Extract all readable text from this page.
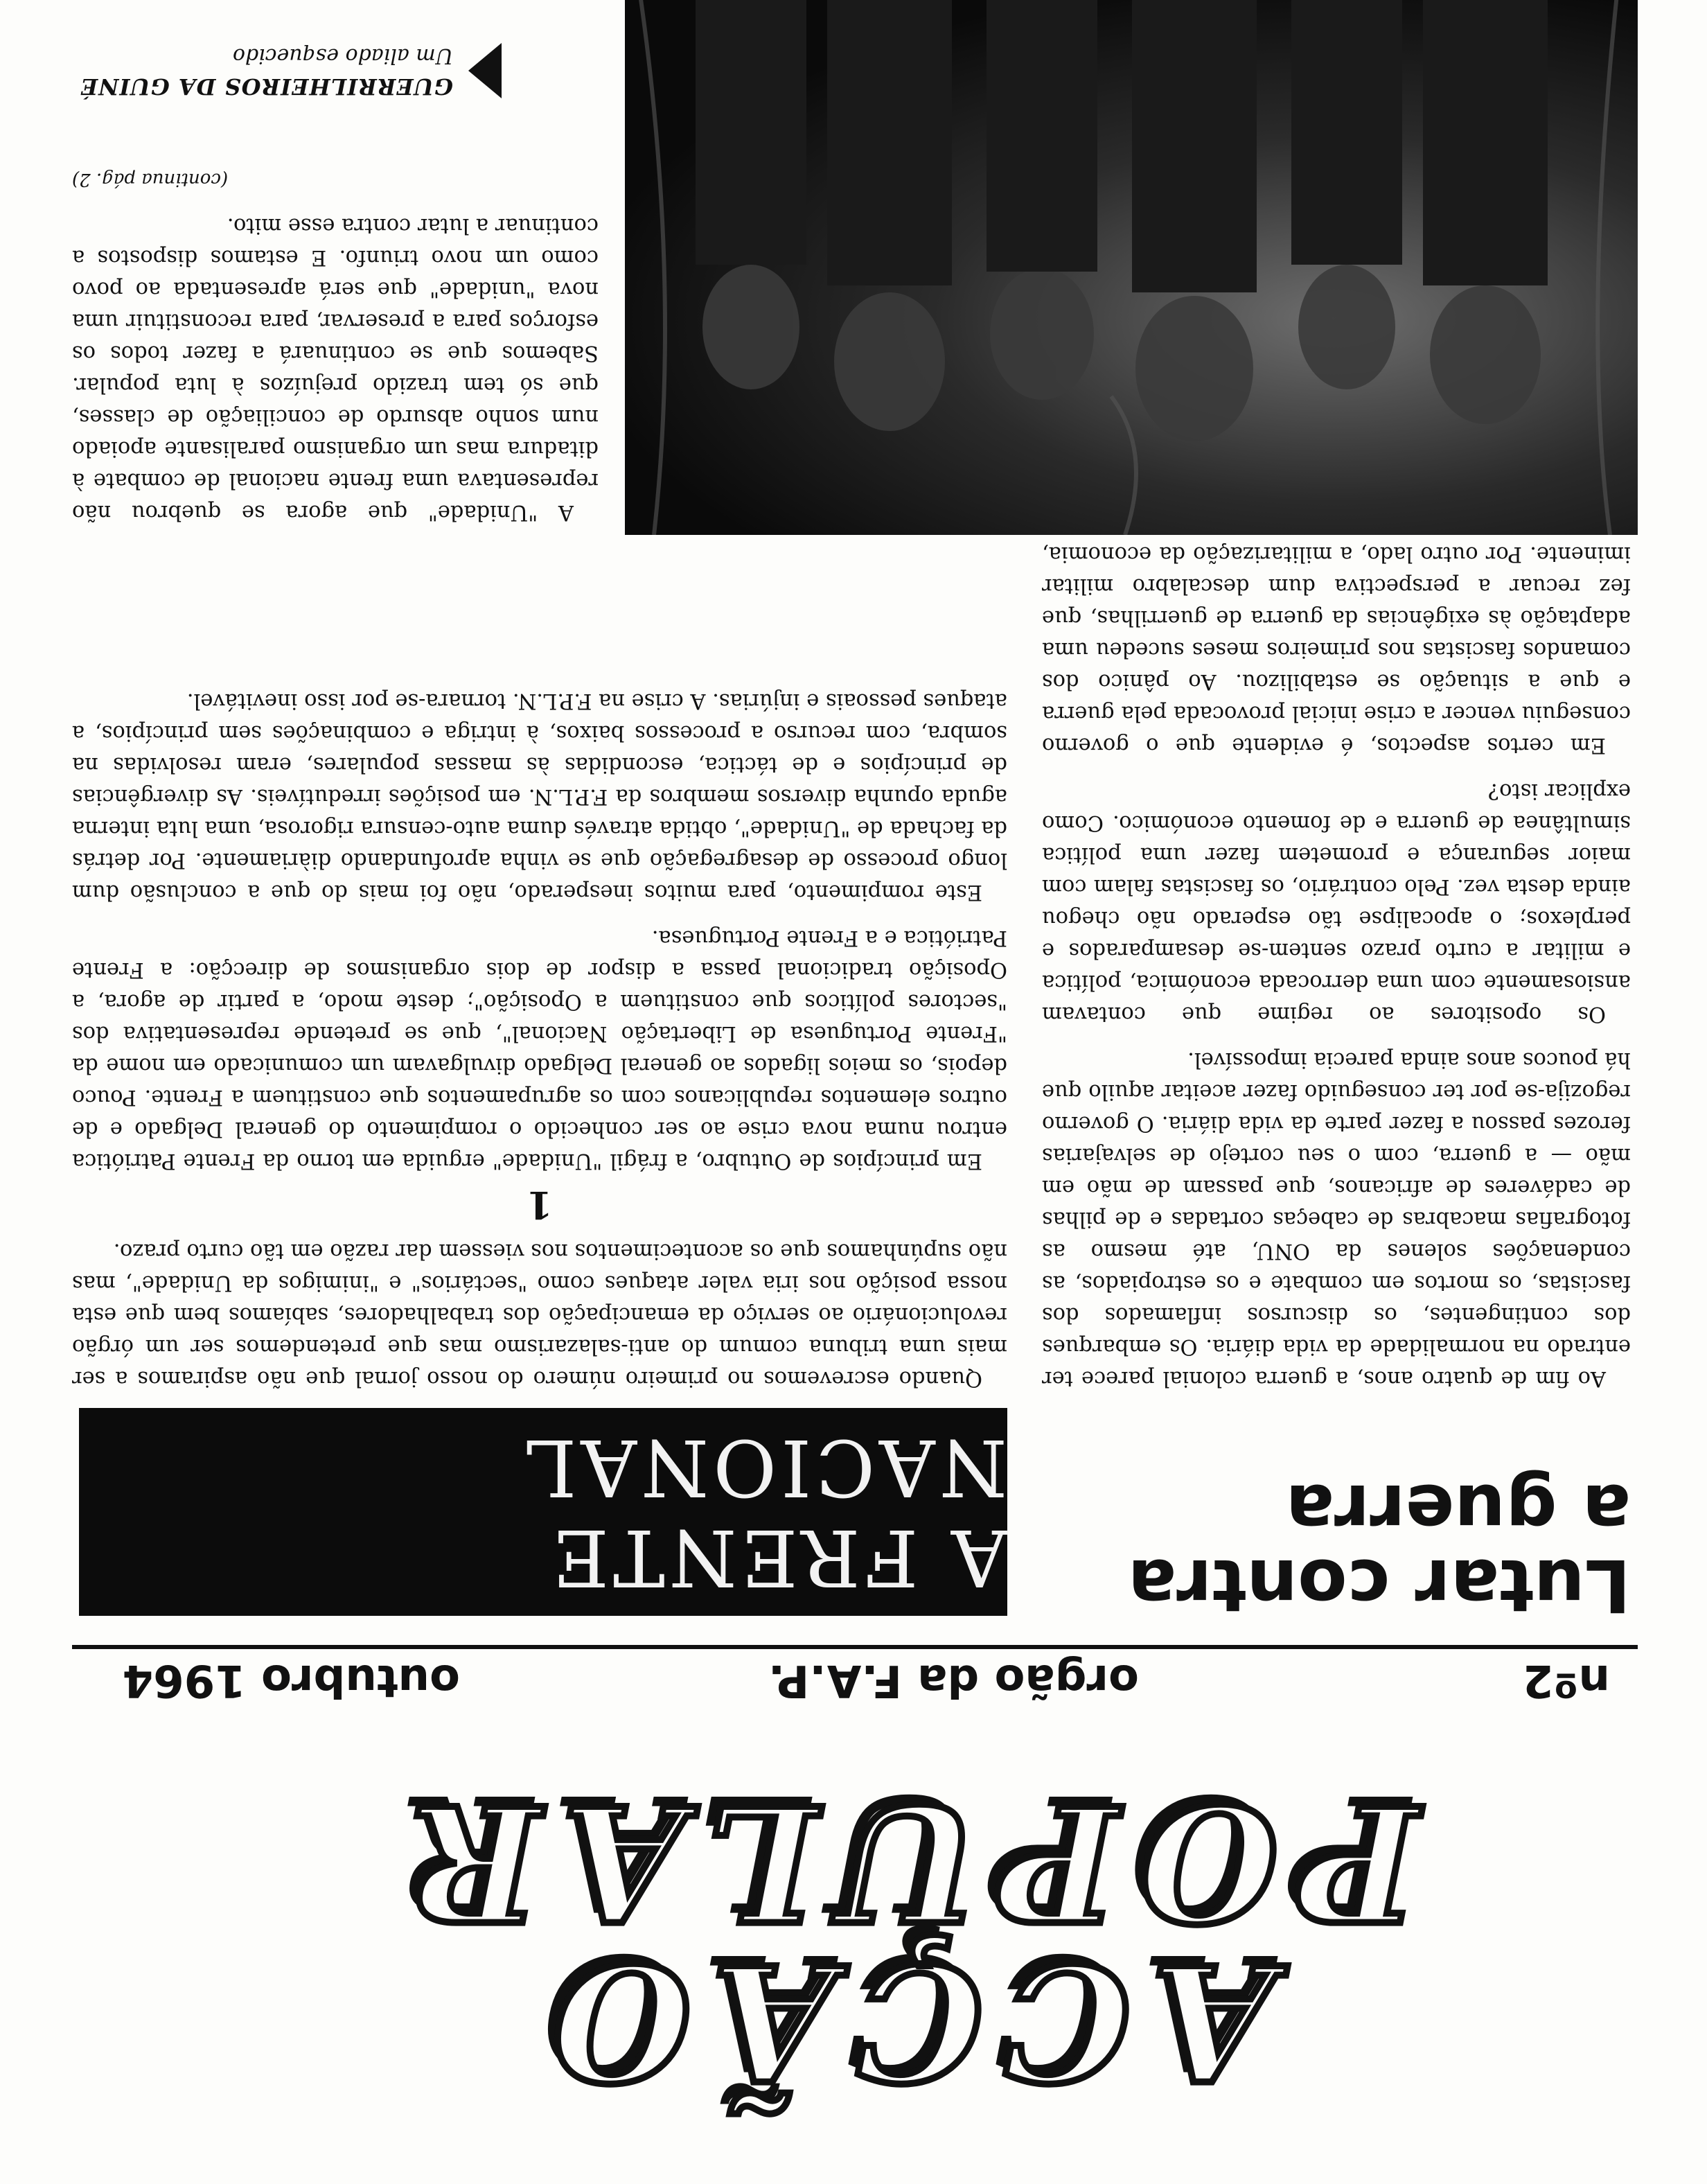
ACÇÃO
POPULAR
nº2
orgão da F.A.P.
outubro 1964
Lutar contra
a guerra
A FRENTE NACIONAL

Ao fim de quatro anos, a guerra colonial parece ter entrado na normalidade da vida diária. Os embarques dos contingentes, os discursos inflamados dos fascistas, os mortos em combate e os estropiados, as condenações solenes da ONU, até mesmo as fotografias macabras de cabeças cortadas e de pilhas de cadáveres de africanos, que passam de mão em mão — a guerra, com o seu cortejo de selvajarias ferozes passou a fazer parte da vida diária. O governo regozija-se por ter conseguido fazer aceitar aquilo que há poucos anos ainda parecia impossível.

Os opositores ao regime que contavam ansiosamente com uma derrocada económica, política e militar a curto prazo sentem-se desamparados e perplexos; o apocalipse tão esperado não chegou ainda desta vez. Pelo contrário, os fascistas falam com maior segurança e prometem fazer uma política simultânea de guerra e de fomento económico. Como explicar isto?

Em certos aspectos, é evidente que o governo conseguiu vencer a crise inicial provocada pela guerra e que a situação se estabilizou. Ao pânico dos comandos fascistas nos primeiros meses sucedeu uma adaptação às exigências da guerra de guerrilhas, que fez recuar a perspectiva dum descalabro militar iminente. Por outro lado, a militarização da economia,

Quando escrevemos no primeiro número do nosso jornal que não aspiramos a ser mais uma tribuna comum do anti-salazarismo mas que pretendemos ser um órgão revolucionário ao serviço da emancipação dos trabalhadores, sabíamos bem que esta nossa posição nos iria valer ataques como "sectários" e "inimigos da Unidade", mas não supúnhamos que os acontecimentos nos viessem dar razão em tão curto prazo.

1

Em princípios de Outubro, a frágil "Unidade" erguida em torno da Frente Patriótica entrou numa nova crise ao ser conhecido o rompimento do general Delgado e de outros elementos republicanos com os agrupamentos que constituem a Frente. Pouco depois, os meios ligados ao general Delgado divulgavam um comunicado em nome da "Frente Portuguesa de Libertação Nacional", que se pretende representativa dos "sectores políticos que constituem a Oposição"; deste modo, a partir de agora, a Oposição tradicional passa a dispor de dois organismos de direcção: a Frente Patriótica e a Frente Portuguesa.

Este rompimento, para muitos inesperado, não foi mais do que a conclusão dum longo processo de desagregação que se vinha aprofundando diàriamente. Por detrás da fachada de "Unidade", obtida através duma auto-censura rigorosa, uma luta interna aguda opunha diversos membros da F.P.L.N. em posições irredutíveis. As divergências de princípios e de táctica, escondidas às massas populares, eram resolvidas na sombra, com recurso a processos baixos, à intriga e combinações sem princípios, a ataques pessoais e injúrias. A crise na F.P.L.N. tornara-se por isso inevitável.

A "Unidade" que agora se quebrou não representava uma frente nacional de combate à ditadura mas um organismo paralisante apoiado num sonho absurdo de conciliação de classes, que só tem trazido prejuízos à luta popular. Sabemos que se continuará a fazer todos os esforços para a preservar, para reconstituir uma nova "unidade" que será apresentada ao povo como um novo triunfo. E estamos dispostos a continuar a lutar contra esse mito.

(continua pág. 2)

GUERRILHEIROS DA GUINÉ
Um aliado esquecido
